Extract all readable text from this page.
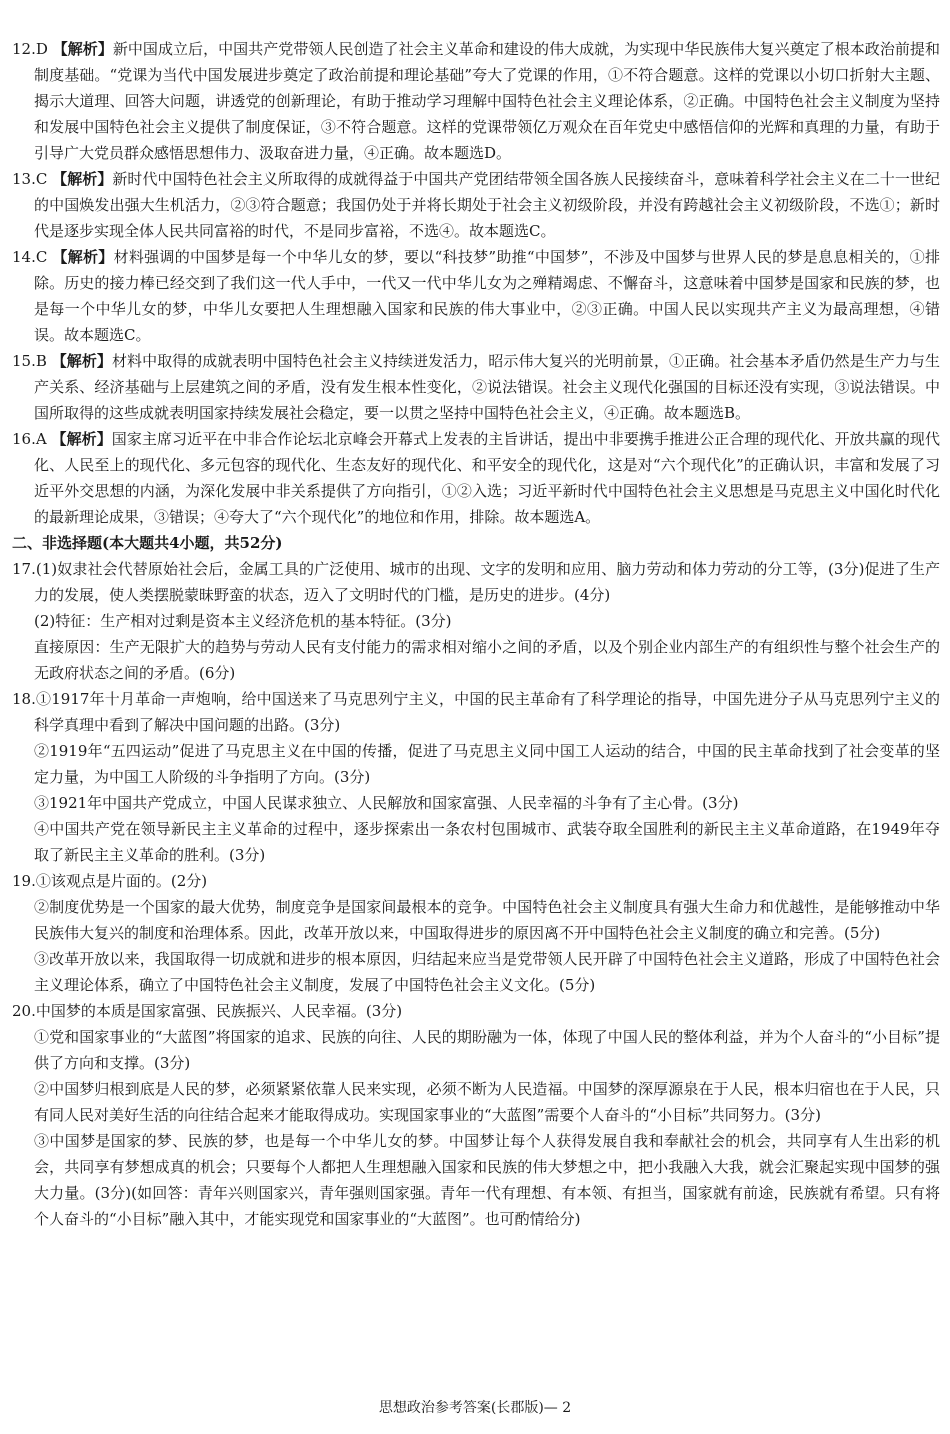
12.D 【解析】新中国成立后，中国共产党带领人民创造了社会主义革命和建设的伟大成就，为实现中华民族伟大复兴奠定了根本政治前提和制度基础。“党课为当代中国发展进步奠定了政治前提和理论基础”夸大了党课的作用，①不符合题意。这样的党课以小切口折射大主题、揭示大道理、回答大问题，讲透党的创新理论，有助于推动学习理解中国特色社会主义理论体系，②正确。中国特色社会主义制度为坚持和发展中国特色社会主义提供了制度保证，③不符合题意。这样的党课带领亿万观众在百年党史中感悟信仰的光辉和真理的力量，有助于引导广大党员群众感悟思想伟力、汲取奋进力量，④正确。故本题选D。

13.C 【解析】新时代中国特色社会主义所取得的成就得益于中国共产党团结带领全国各族人民接续奋斗，意味着科学社会主义在二十一世纪的中国焕发出强大生机活力，②③符合题意；我国仍处于并将长期处于社会主义初级阶段，并没有跨越社会主义初级阶段，不选①；新时代是逐步实现全体人民共同富裕的时代，不是同步富裕，不选④。故本题选C。

14.C 【解析】材料强调的中国梦是每一个中华儿女的梦，要以“科技梦”助推“中国梦”，不涉及中国梦与世界人民的梦是息息相关的，①排除。历史的接力棒已经交到了我们这一代人手中，一代又一代中华儿女为之殚精竭虑、不懈奋斗，这意味着中国梦是国家和民族的梦，也是每一个中华儿女的梦，中华儿女要把人生理想融入国家和民族的伟大事业中，②③正确。中国人民以实现共产主义为最高理想，④错误。故本题选C。

15.B 【解析】材料中取得的成就表明中国特色社会主义持续迸发活力，昭示伟大复兴的光明前景，①正确。社会基本矛盾仍然是生产力与生产关系、经济基础与上层建筑之间的矛盾，没有发生根本性变化，②说法错误。社会主义现代化强国的目标还没有实现，③说法错误。中国所取得的这些成就表明国家持续发展社会稳定，要一以贯之坚持中国特色社会主义，④正确。故本题选B。

16.A 【解析】国家主席习近平在中非合作论坛北京峰会开幕式上发表的主旨讲话，提出中非要携手推进公正合理的现代化、开放共赢的现代化、人民至上的现代化、多元包容的现代化、生态友好的现代化、和平安全的现代化，这是对“六个现代化”的正确认识，丰富和发展了习近平外交思想的内涵，为深化发展中非关系提供了方向指引，①②入选；习近平新时代中国特色社会主义思想是马克思主义中国化时代化的最新理论成果，③错误；④夸大了“六个现代化”的地位和作用，排除。故本题选A。

二、非选择题(本大题共4小题，共52分)

17.(1)奴隶社会代替原始社会后，金属工具的广泛使用、城市的出现、文字的发明和应用、脑力劳动和体力劳动的分工等，(3分)促进了生产力的发展，使人类摆脱蒙昧野蛮的状态，迈入了文明时代的门槛，是历史的进步。(4分)

(2)特征：生产相对过剩是资本主义经济危机的基本特征。(3分)

直接原因：生产无限扩大的趋势与劳动人民有支付能力的需求相对缩小之间的矛盾，以及个别企业内部生产的有组织性与整个社会生产的无政府状态之间的矛盾。(6分)

18.①1917年十月革命一声炮响，给中国送来了马克思列宁主义，中国的民主革命有了科学理论的指导，中国先进分子从马克思列宁主义的科学真理中看到了解决中国问题的出路。(3分)

②1919年“五四运动”促进了马克思主义在中国的传播，促进了马克思主义同中国工人运动的结合，中国的民主革命找到了社会变革的坚定力量，为中国工人阶级的斗争指明了方向。(3分)

③1921年中国共产党成立，中国人民谋求独立、人民解放和国家富强、人民幸福的斗争有了主心骨。(3分)

④中国共产党在领导新民主主义革命的过程中，逐步探索出一条农村包围城市、武装夺取全国胜利的新民主主义革命道路，在1949年夺取了新民主主义革命的胜利。(3分)

19.①该观点是片面的。(2分)

②制度优势是一个国家的最大优势，制度竞争是国家间最根本的竞争。中国特色社会主义制度具有强大生命力和优越性，是能够推动中华民族伟大复兴的制度和治理体系。因此，改革开放以来，中国取得进步的原因离不开中国特色社会主义制度的确立和完善。(5分)

③改革开放以来，我国取得一切成就和进步的根本原因，归结起来应当是党带领人民开辟了中国特色社会主义道路，形成了中国特色社会主义理论体系，确立了中国特色社会主义制度，发展了中国特色社会主义文化。(5分)

20.中国梦的本质是国家富强、民族振兴、人民幸福。(3分)

①党和国家事业的“大蓝图”将国家的追求、民族的向往、人民的期盼融为一体，体现了中国人民的整体利益，并为个人奋斗的“小目标”提供了方向和支撑。(3分)

②中国梦归根到底是人民的梦，必须紧紧依靠人民来实现，必须不断为人民造福。中国梦的深厚源泉在于人民，根本归宿也在于人民，只有同人民对美好生活的向往结合起来才能取得成功。实现国家事业的“大蓝图”需要个人奋斗的“小目标”共同努力。(3分)

③中国梦是国家的梦、民族的梦，也是每一个中华儿女的梦。中国梦让每个人获得发展自我和奉献社会的机会，共同享有人生出彩的机会，共同享有梦想成真的机会；只要每个人都把人生理想融入国家和民族的伟大梦想之中，把小我融入大我，就会汇聚起实现中国梦的强大力量。(3分)(如回答：青年兴则国家兴，青年强则国家强。青年一代有理想、有本领、有担当，国家就有前途，民族就有希望。只有将个人奋斗的“小目标”融入其中，才能实现党和国家事业的“大蓝图”。也可酌情给分)

思想政治参考答案(长郡版)— 2
